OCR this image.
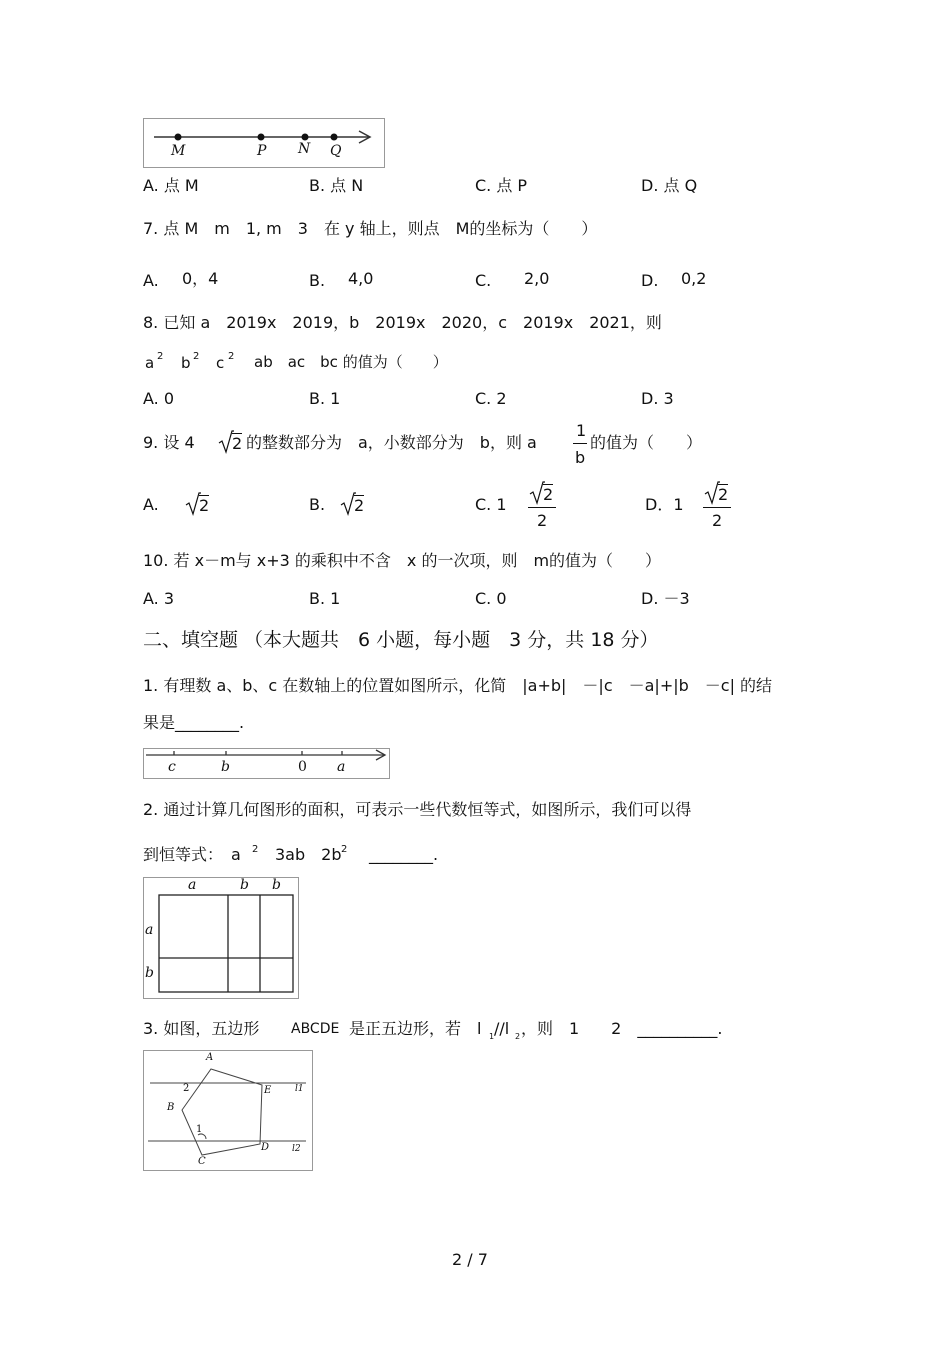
M	P N Q
A. 点 M	B. 点 N	C. 点 P	D. 点 Q
7. 点 M　m　1, m　3　在 y 轴上，则点　M的坐标为（　　）
A. 0，4	B. 4,0	C. 2,0	D. 0,2
8. 已知 a　2019x　2019，b　2019x　2020，c　2019x　2021，则
a 2 b 2 c 2 ab　ac　bc 的值为（　　）
A. 0	B. 1	C. 2	D. 3
9. 设 4 2 的整数部分为　a，小数部分为　b，则 a
1
b
的值为（　　）
A.	2	B. 2	C. 1
2
2
D．1
2
2
10. 若 x－m与 x+3 的乘积中不含　x 的一次项，则　m的值为（　　）
A. 3	B. 1	C. 0	D. －3
二、填空题 （本大题共　6 小题，每小题　3 分，共 18 分）
1. 有理数 a、b、c 在数轴上的位置如图所示，化简　|a+b|　－|c　－a|+|b　－c| 的结
果是________.
c	b	0 a
2. 通过计算几何图形的面积，可表示一些代数恒等式，如图所示，我们可以得
到恒等式：　a 2 3ab　2b 2 ________.
a	b b
a
b
3. 如图，五边形 ABCDE 是正五边形，若　l 1 //l 2 ，则　1　　2　__________.
A
B
C
D
E
1
2	l1
l2
2 / 7
